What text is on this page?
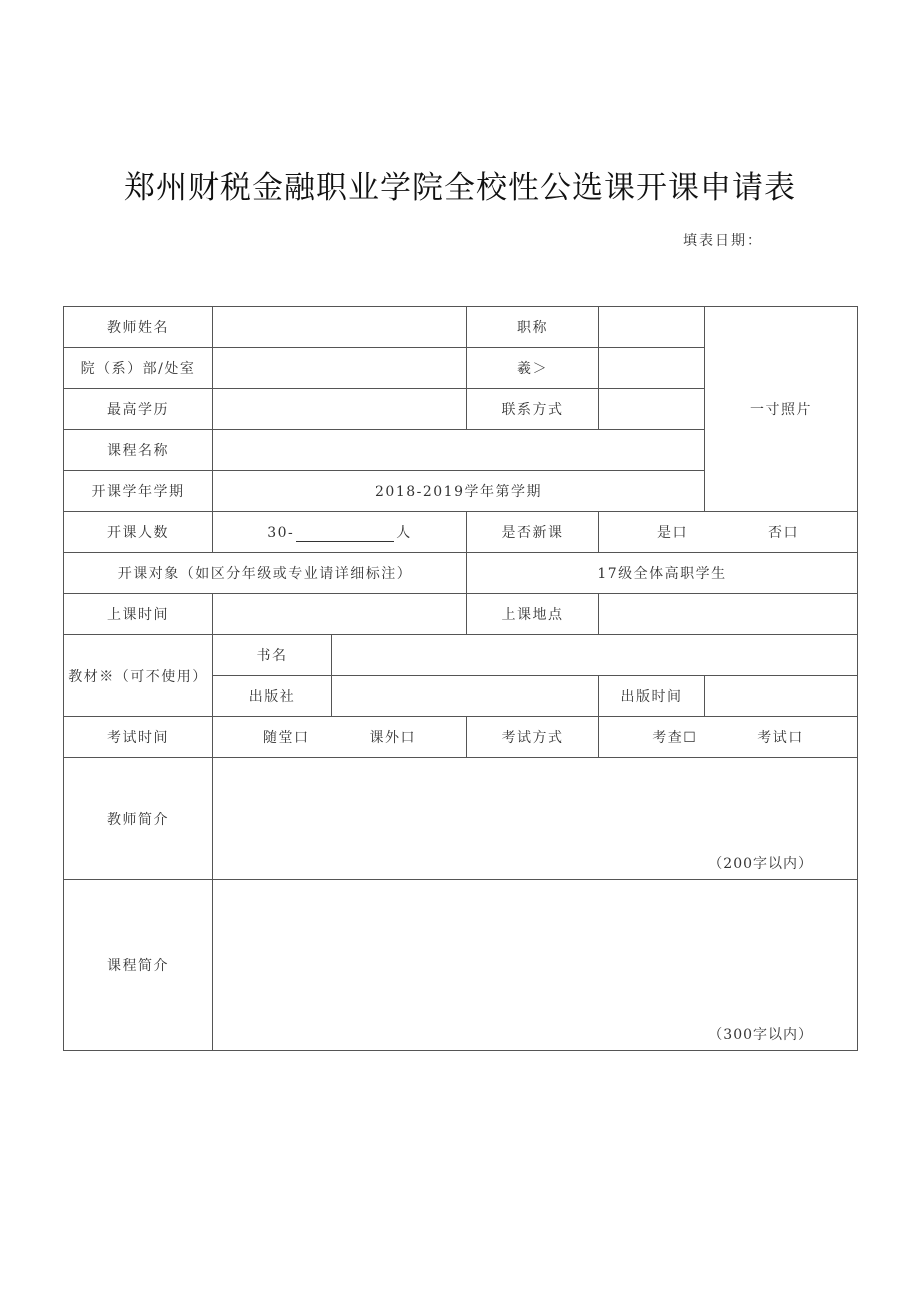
郑州财税金融职业学院全校性公选课开课申请表
填表日期：
教师姓名			职称		一寸照片
院（系）部/处室			羲＞		
最高学历			联系方式		
课程名称					
开课学年学期	2018-2019学年第学期				
开课人数	30- 人		是否新课	是口 否口	
开课对象（如区分年级或专业请详细标注）			17级全体高职学生		
上课时间			上课地点		
教材※（可不使用）	书名				
	出版社			出版时间	
考试时间	随堂口 课外口		考试方式	考查☐ 考试口	
教师简介	（200字以内）				

课程简介	（300字以内）				
